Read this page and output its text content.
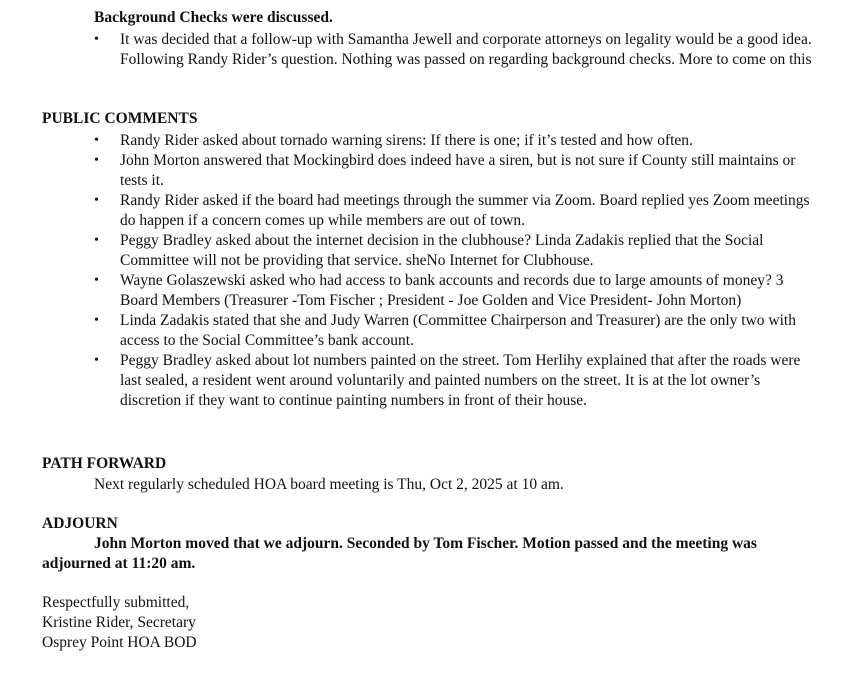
Background Checks were discussed.
• It was decided that a follow-up with Samantha Jewell and corporate attorneys on legality would be a good idea. Following Randy Rider’s question. Nothing was passed on regarding background checks. More to come on this
PUBLIC COMMENTS
• Randy Rider asked about tornado warning sirens: If there is one; if it’s tested and how often.
• John Morton answered that Mockingbird does indeed have a siren, but is not sure if County still maintains or tests it.
• Randy Rider asked if the board had meetings through the summer via Zoom. Board replied yes Zoom meetings do happen if a concern comes up while members are out of town.
• Peggy Bradley asked about the internet decision in the clubhouse? Linda Zadakis replied that the Social Committee will not be providing that service. sheNo Internet for Clubhouse.
• Wayne Golaszewski asked who had access to bank accounts and records due to large amounts of money? 3 Board Members (Treasurer -Tom Fischer ; President - Joe Golden and Vice President- John Morton)
• Linda Zadakis stated that she and Judy Warren (Committee Chairperson and Treasurer) are the only two with access to the Social Committee’s bank account.
• Peggy Bradley asked about lot numbers painted on the street. Tom Herlihy explained that after the roads were last sealed, a resident went around voluntarily and painted numbers on the street. It is at the lot owner’s discretion if they want to continue painting numbers in front of their house.
PATH FORWARD
Next regularly scheduled HOA board meeting is Thu, Oct 2, 2025 at 10 am.
ADJOURN
John Morton moved that we adjourn. Seconded by Tom Fischer. Motion passed and the meeting was adjourned at 11:20 am.
Respectfully submitted,
Kristine Rider, Secretary
Osprey Point HOA BOD
